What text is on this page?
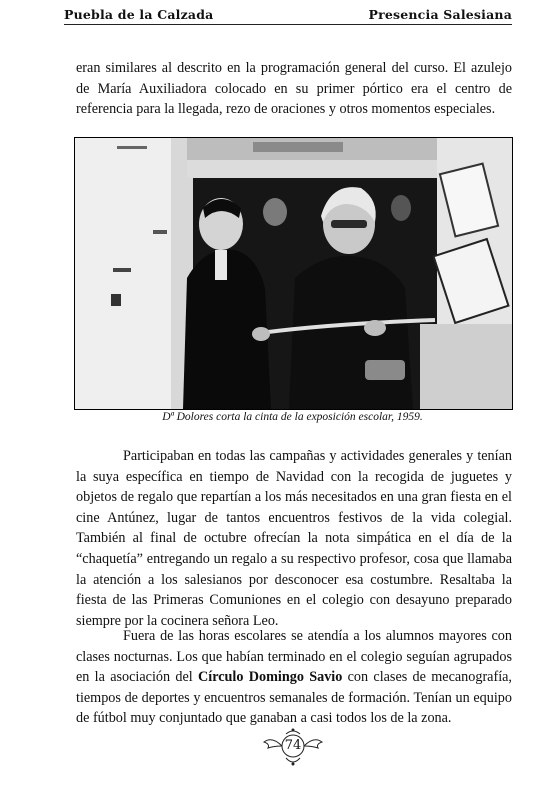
Puebla de la Calzada	Presencia Salesiana

eran similares al descrito en la programación general del curso. El azulejo de María Auxiliadora colocado en su primer pórtico era el centro de referencia para la llegada, rezo de oraciones y otros momentos especiales.

Dª Dolores corta la cinta de la exposición escolar, 1959.

Participaban en todas las campañas y actividades generales y tenían la suya específica en tiempo de Navidad con la recogida de juguetes y objetos de regalo que repartían a los más necesitados en una gran fiesta en el cine Antúnez, lugar de tantos encuentros festivos de la vida colegial. También al final de octubre ofrecían la nota simpática en el día de la “chaquetía” entregando un regalo a su respectivo profesor, cosa que llamaba la atención a los salesianos por desconocer esa costumbre. Resaltaba la fiesta de las Primeras Comuniones en el colegio con desayuno preparado siempre por la cocinera señora Leo.

Fuera de las horas escolares se atendía a los alumnos mayores con clases nocturnas. Los que habían terminado en el colegio seguían agrupados en la asociación del Círculo Domingo Savio con clases de mecanografía, tiempos de deportes y encuentros semanales de formación. Tenían un equipo de fútbol muy conjuntado que ganaban a casi todos los de la zona.

74
